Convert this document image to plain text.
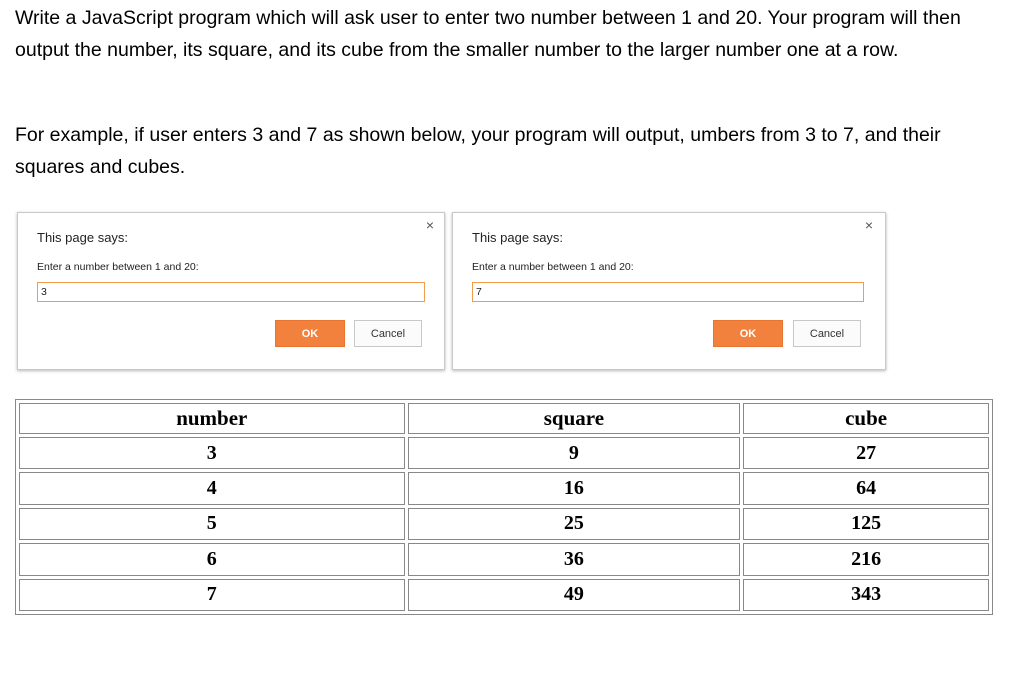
Write a JavaScript program which will ask user to enter two number between 1 and 20. Your program will then output the number, its square, and its cube from the smaller number to the larger number one at a row.

For example, if user enters 3 and 7 as shown below, your program will output, umbers from 3 to 7, and their squares and cubes.

×
This page says:
Enter a number between 1 and 20:
3
OK	Cancel
×
This page says:
Enter a number between 1 and 20:
7
OK	Cancel
number	square	cube
3	9	27
4	16	64
5	25	125
6	36	216
7	49	343
